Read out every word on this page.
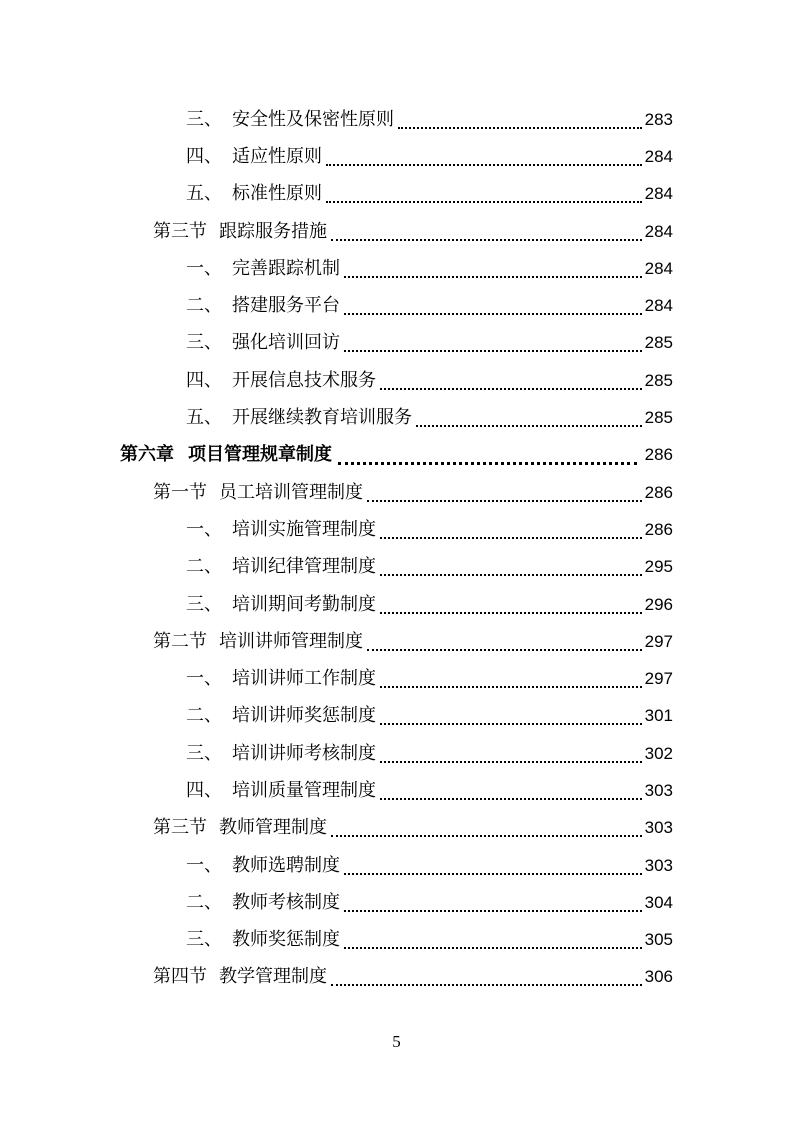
三、 安全性及保密性原则	283
四、 适应性原则	284
五、 标准性原则	284
第三节 跟踪服务措施	284
一、 完善跟踪机制	284
二、 搭建服务平台	284
三、 强化培训回访	285
四、 开展信息技术服务	285
五、 开展继续教育培训服务	285
第六章 项目管理规章制度	286
第一节 员工培训管理制度	286
一、 培训实施管理制度	286
二、 培训纪律管理制度	295
三、 培训期间考勤制度	296
第二节 培训讲师管理制度	297
一、 培训讲师工作制度	297
二、 培训讲师奖惩制度	301
三、 培训讲师考核制度	302
四、 培训质量管理制度	303
第三节 教师管理制度	303
一、 教师选聘制度	303
二、 教师考核制度	304
三、 教师奖惩制度	305
第四节 教学管理制度	306
5
